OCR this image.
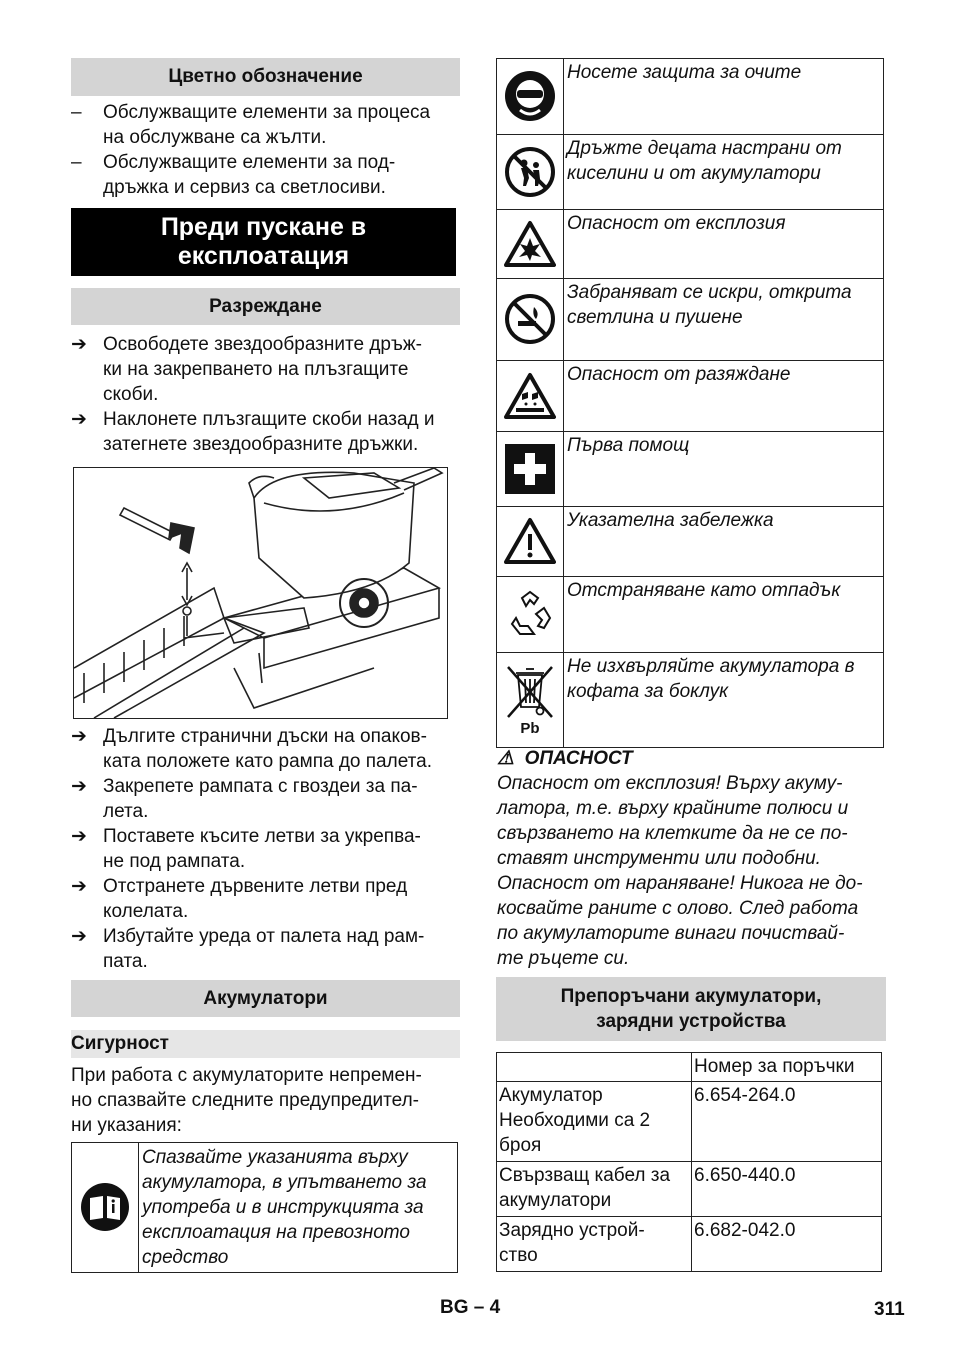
Цветно обозначение
–	Обслужващите елементи за процеса
на обслужване са жълти.
–	Обслужващите елементи за под-
дръжка и сервиз са светлосиви.
Преди пускане в
експлоатация
Разреждане
➔ Освободете звездообразните дръж-
ки на закрепването на плъзгащите
скоби.
➔ Наклонете плъзгащите скоби назад и
затегнете звездообразните дръжки.
➔ Дългите странични дъски на опаков-
ката положете като рампа до палета.
➔ Закрепете рампата с гвоздеи за па-
лета.
➔ Поставете късите летви за укрепва-
не под рампата.
➔ Отстранете дървените летви пред
колелата.
➔ Избутайте уреда от палета над рам-
пата.
Акумулатори
Сигурност
При работа с акумулаторите непремен-
но спазвайте следните предупредител-
ни указания:

Спазвайте указанията върху
акумулатора, в упътването за
употреба и в инструкцията за
експлоатация на превозното
средство

Носете защита за очите

Дръжте децата настрани от
киселини и от акумулатори

Опасност от експлозия

Забраняват се искри, открита
светлина и пушене

Опасност от разяждане

Първа помощ

Указателна забележка

Отстраняване като отпадък

Pb	Не изхвърляйте акумулатора в
кофата за боклук
⚠ ОПАСНОСТ
Опасност от експлозия! Върху акуму-
латора, т.е. върху крайните полюси и
свързването на клетките да не се по-
ставят инструменти или подобни.
Опасност от нараняване! Никога не до-
косвайте раните с олово. След работа
по акумулаторите винаги почиствай-
те ръцете си.
Препоръчани акумулатори,
зарядни устройства
	Номер за поръчки

Акумулатор
Необходими са 2
броя	6.654-264.0

Свързващ кабел за
акумулатори	6.650-440.0

Зарядно устрой-
ство	6.682-042.0
BG – 4	311
